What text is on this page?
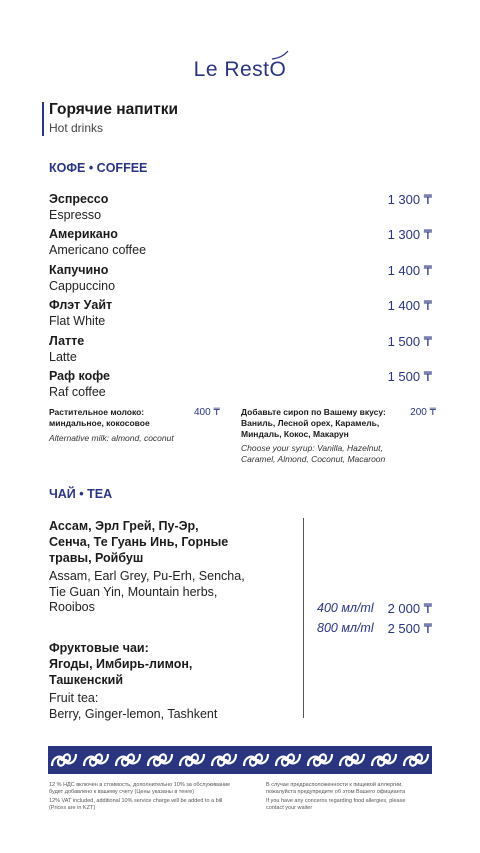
Le RestO
Горячие напитки
Hot drinks
КОФЕ • COFFEE
Эспрессо
Espresso
1 300 ₸
Американо
Americano coffee
1 300 ₸
Капучино
Cappuccino
1 400 ₸
Флэт Уайт
Flat White
1 400 ₸
Латте
Latte
1 500 ₸
Раф кофе
Raf coffee
1 500 ₸
Растительное молоко:
миндальное, кокосовое
Alternative milk: almond, coconut
400 ₸ Добавьте сироп по Вашему вкусу:
Ваниль, Лесной орех, Карамель,
Миндаль, Кокос, Макарун
Choose your syrup: Vanilla, Hazelnut,
Caramel, Almond, Coconut, Macaroon
200 ₸
ЧАЙ • TEA
Ассам, Эрл Грей, Пу-Эр,
Сенча, Те Гуань Инь, Горные
травы, Ройбуш
Assam, Earl Grey, Pu-Erh, Sencha,
Tie Guan Yin, Mountain herbs,
Rooibos
Фруктовые чаи:
Ягоды, Имбирь-лимон,
Ташкенский
Fruit tea:
Berry, Ginger-lemon, Tashkent
400 мл/ml 2 000 ₸
800 мл/ml 2 500 ₸
12 % НДС включен в стоимость, дополнительно 10% за обслуживание
будет добавлено к вашему счету (Цены указаны в тенге)
12% VAT included, additional 10% service charge will be added to a bill
(Prices are in KZT)
В случае предрасположенности к пищевой аллергии,
пожалуйста предупредите об этом Вашего официанта
If you have any concerns regarding food allergies, please
contact your waiter
